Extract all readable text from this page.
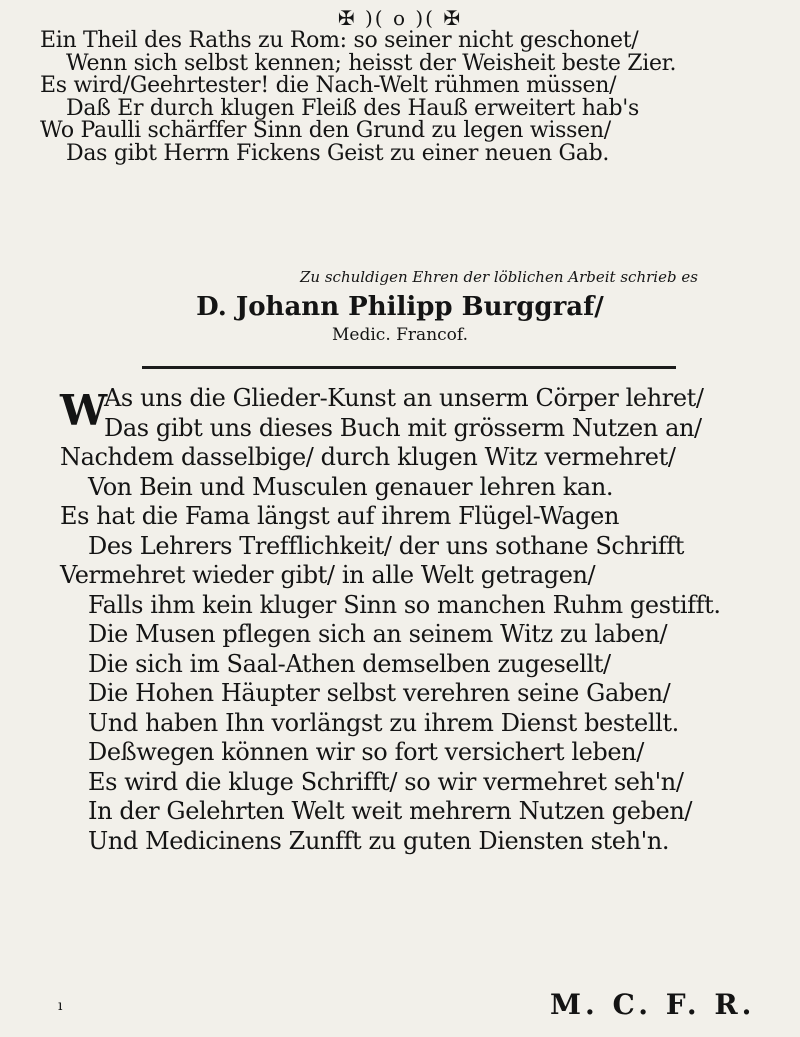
✠ )( o )( ✠
Ein Theil des Raths zu Rom: so seiner nicht geschonet/
Wenn sich selbst kennen; heisst der Weisheit beste Zier.
Es wird/Geehrtester! die Nach-Welt rühmen müssen/
Daß Er durch klugen Fleiß des Hauß erweitert hab's
Wo Paulli schärffer Sinn den Grund zu legen wissen/
Das gibt Herrn Fickens Geist zu einer neuen Gab.
Zu schuldigen Ehren der löblichen Arbeit schrieb es
D. Johann Philipp Burggraf/
Medic. Francof.
W
As uns die Glieder-Kunst an unserm Cörper lehret/
Das gibt uns dieses Buch mit grösserm Nutzen an/
Nachdem dasselbige/ durch klugen Witz vermehret/
Von Bein und Musculen genauer lehren kan.
Es hat die Fama längst auf ihrem Flügel-Wagen
Des Lehrers Trefflichkeit/ der uns sothane Schrifft
Vermehret wieder gibt/ in alle Welt getragen/
Falls ihm kein kluger Sinn so manchen Ruhm gestifft.
Die Musen pflegen sich an seinem Witz zu laben/
Die sich im Saal-Athen demselben zugesellt/
Die Hohen Häupter selbst verehren seine Gaben/
Und haben Ihn vorlängst zu ihrem Dienst bestellt.
Deßwegen können wir so fort versichert leben/
Es wird die kluge Schrifft/ so wir vermehret seh'n/
In der Gelehrten Welt weit mehrern Nutzen geben/
Und Medicinens Zunfft zu guten Diensten steh'n.
ı	M. C. F. R.
